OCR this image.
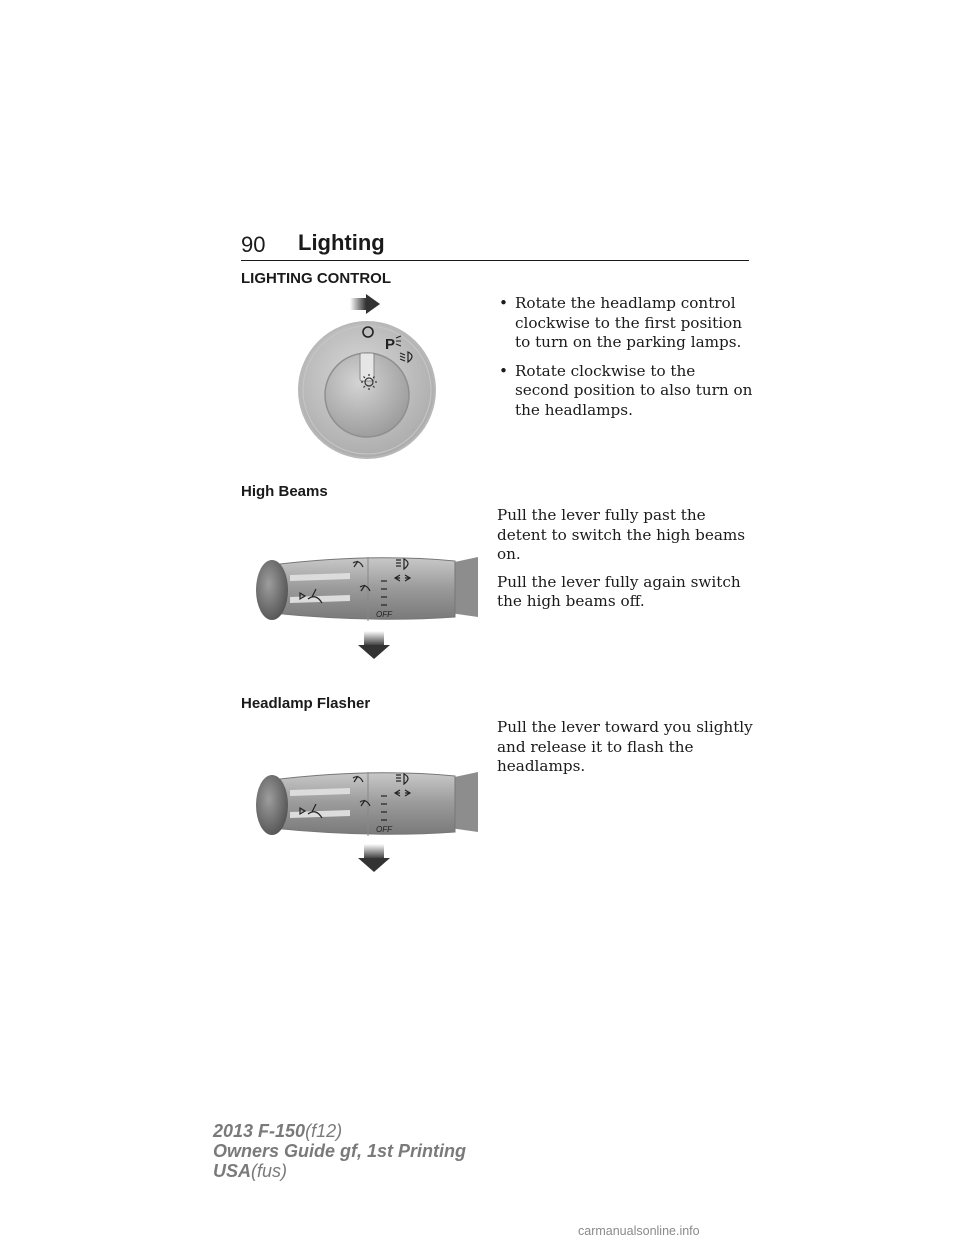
90 Lighting
LIGHTING CONTROL
P
• Rotate the headlamp control clockwise to the first position to turn on the parking lamps.
• Rotate clockwise to the second position to also turn on the headlamps.
High Beams

Pull the lever fully past the detent to switch the high beams on.

Pull the lever fully again switch the high beams off.

OFF
Headlamp Flasher

Pull the lever toward you slightly and release it to flash the headlamps.

OFF
2013 F-150(f12)
Owners Guide gf, 1st Printing
USA(fus)
carmanualsonline.info
